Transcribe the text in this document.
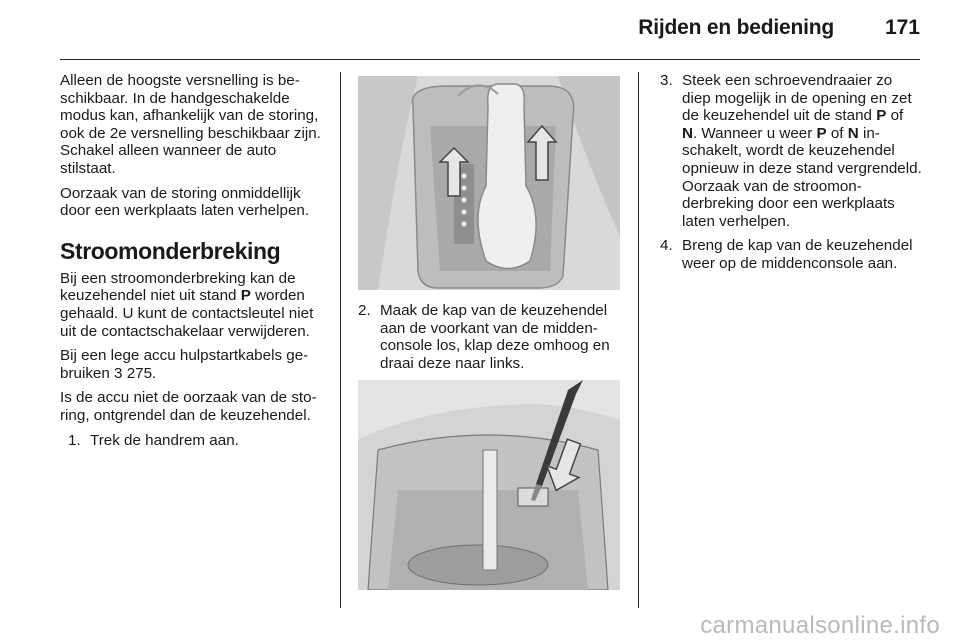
Rijden en bediening 171

Alleen de hoogste versnelling is beschikbaar. In de handgeschakelde modus kan, afhankelijk van de storing, ook de 2e versnelling beschikbaar zijn. Schakel alleen wanneer de auto stilstaat.

Oorzaak van de storing onmiddellijk door een werkplaats laten verhelpen.

Stroomonderbreking

Bij een stroomonderbreking kan de keuzehendel niet uit stand P worden gehaald. U kunt de contactsleutel niet uit de contactschakelaar verwijderen.

Bij een lege accu hulpstartkabels gebruiken 3 275.

Is de accu niet de oorzaak van de storing, ontgrendel dan de keuzehendel.

1. Trek de handrem aan.
2. Maak de kap van de keuzehendel aan de voorkant van de middenconsole los, klap deze omhoog en draai deze naar links.
3. Steek een schroevendraaier zo diep mogelijk in de opening en zet de keuzehendel uit de stand P of N. Wanneer u weer P of N inschakelt, wordt de keuzehendel opnieuw in deze stand vergrendeld. Oorzaak van de stroomonderbreking door een werkplaats laten verhelpen.
4. Breng de kap van de keuzehendel weer op de middenconsole aan.
carmanualsonline.info
